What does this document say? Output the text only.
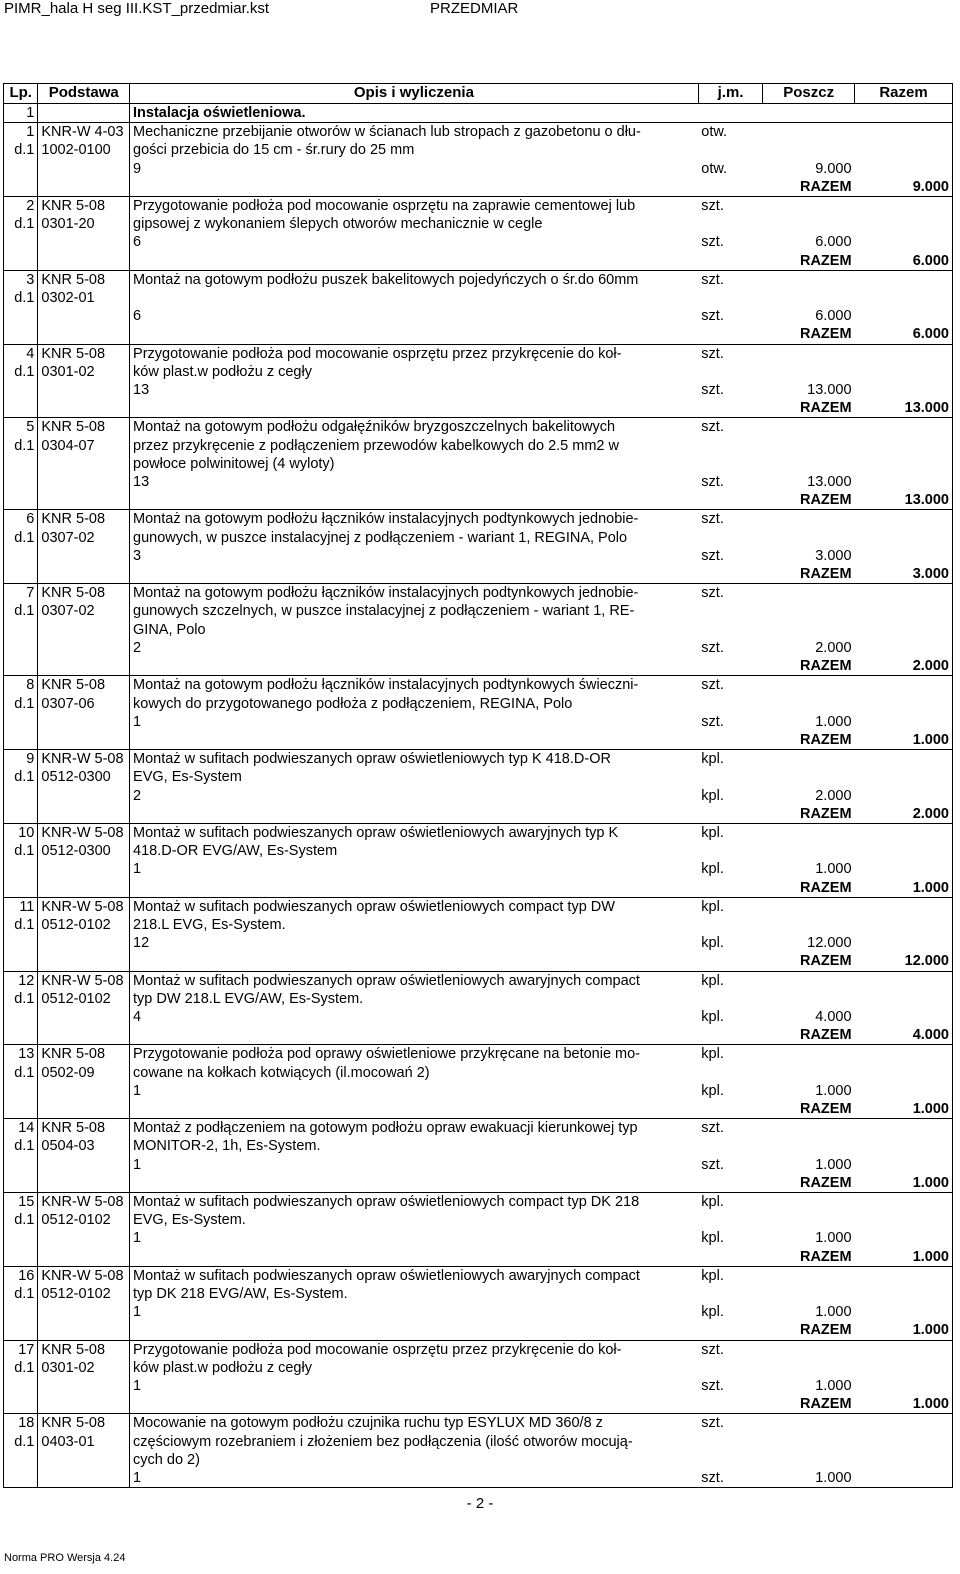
PIMR_hala H seg III.KST_przedmiar.kst	PRZEDMIAR
Lp.	Podstawa	Opis i wyliczenia	j.m.	Poszcz	Razem
1		Instalacja oświetleniowa.			
1	KNR-W 4-03	Mechaniczne przebijanie otworów w ścianach lub stropach z gazobetonu o dłu-	otw.		
d.1	1002-0100	gości przebicia do 15 cm - śr.rury do 25 mm			
		9	otw.	9.000	
				RAZEM	9.000
2	KNR 5-08	Przygotowanie podłoża pod mocowanie osprzętu na zaprawie cementowej lub	szt.		
d.1	0301-20	gipsowej z wykonaniem ślepych otworów mechanicznie w cegle			
		6	szt.	6.000	
				RAZEM	6.000
3	KNR 5-08	Montaż na gotowym podłożu puszek bakelitowych pojedyńczych o śr.do 60mm	szt.		
d.1	0302-01				
		6	szt.	6.000	
				RAZEM	6.000
4	KNR 5-08	Przygotowanie podłoża pod mocowanie osprzętu przez przykręcenie do koł-	szt.		
d.1	0301-02	ków plast.w podłożu z cegły			
		13	szt.	13.000	
				RAZEM	13.000
5	KNR 5-08	Montaż na gotowym podłożu odgałęźników bryzgoszczelnych bakelitowych	szt.		
d.1	0304-07	przez przykręcenie z podłączeniem przewodów kabelkowych do 2.5 mm2 w			
		powłoce polwinitowej (4 wyloty)			
		13	szt.	13.000	
				RAZEM	13.000
6	KNR 5-08	Montaż na gotowym podłożu łączników instalacyjnych podtynkowych jednobie-	szt.		
d.1	0307-02	gunowych, w puszce instalacyjnej z podłączeniem - wariant 1, REGINA, Polo			
		3	szt.	3.000	
				RAZEM	3.000
7	KNR 5-08	Montaż na gotowym podłożu łączników instalacyjnych podtynkowych jednobie-	szt.		
d.1	0307-02	gunowych szczelnych, w puszce instalacyjnej z podłączeniem - wariant 1, RE-			
		GINA, Polo			
		2	szt.	2.000	
				RAZEM	2.000
8	KNR 5-08	Montaż na gotowym podłożu łączników instalacyjnych podtynkowych świeczni-	szt.		
d.1	0307-06	kowych do przygotowanego podłoża z podłączeniem, REGINA, Polo			
		1	szt.	1.000	
				RAZEM	1.000
9	KNR-W 5-08	Montaż w sufitach podwieszanych opraw oświetleniowych typ K 418.D-OR	kpl.		
d.1	0512-0300	EVG, Es-System			
		2	kpl.	2.000	
				RAZEM	2.000
10	KNR-W 5-08	Montaż w sufitach podwieszanych opraw oświetleniowych awaryjnych typ K	kpl.		
d.1	0512-0300	418.D-OR EVG/AW, Es-System			
		1	kpl.	1.000	
				RAZEM	1.000
11	KNR-W 5-08	Montaż w sufitach podwieszanych opraw oświetleniowych compact typ DW	kpl.		
d.1	0512-0102	218.L EVG, Es-System.			
		12	kpl.	12.000	
				RAZEM	12.000
12	KNR-W 5-08	Montaż w sufitach podwieszanych opraw oświetleniowych awaryjnych compact	kpl.		
d.1	0512-0102	typ DW 218.L EVG/AW, Es-System.			
		4	kpl.	4.000	
				RAZEM	4.000
13	KNR 5-08	Przygotowanie podłoża pod oprawy oświetleniowe przykręcane na betonie mo-	kpl.		
d.1	0502-09	cowane na kołkach kotwiących (il.mocowań 2)			
		1	kpl.	1.000	
				RAZEM	1.000
14	KNR 5-08	Montaż z podłączeniem na gotowym podłożu opraw ewakuacji kierunkowej typ	szt.		
d.1	0504-03	MONITOR-2, 1h, Es-System.			
		1	szt.	1.000	
				RAZEM	1.000
15	KNR-W 5-08	Montaż w sufitach podwieszanych opraw oświetleniowych compact typ DK 218	kpl.		
d.1	0512-0102	EVG, Es-System.			
		1	kpl.	1.000	
				RAZEM	1.000
16	KNR-W 5-08	Montaż w sufitach podwieszanych opraw oświetleniowych awaryjnych compact	kpl.		
d.1	0512-0102	typ DK 218 EVG/AW, Es-System.			
		1	kpl.	1.000	
				RAZEM	1.000
17	KNR 5-08	Przygotowanie podłoża pod mocowanie osprzętu przez przykręcenie do koł-	szt.		
d.1	0301-02	ków plast.w podłożu z cegły			
		1	szt.	1.000	
				RAZEM	1.000
18	KNR 5-08	Mocowanie na gotowym podłożu czujnika ruchu typ ESYLUX MD 360/8 z	szt.		
d.1	0403-01	częściowym rozebraniem i złożeniem bez podłączenia (ilość otworów mocują-			
		cych do 2)			
		1	szt.	1.000	
- 2 -
Norma PRO Wersja 4.24
